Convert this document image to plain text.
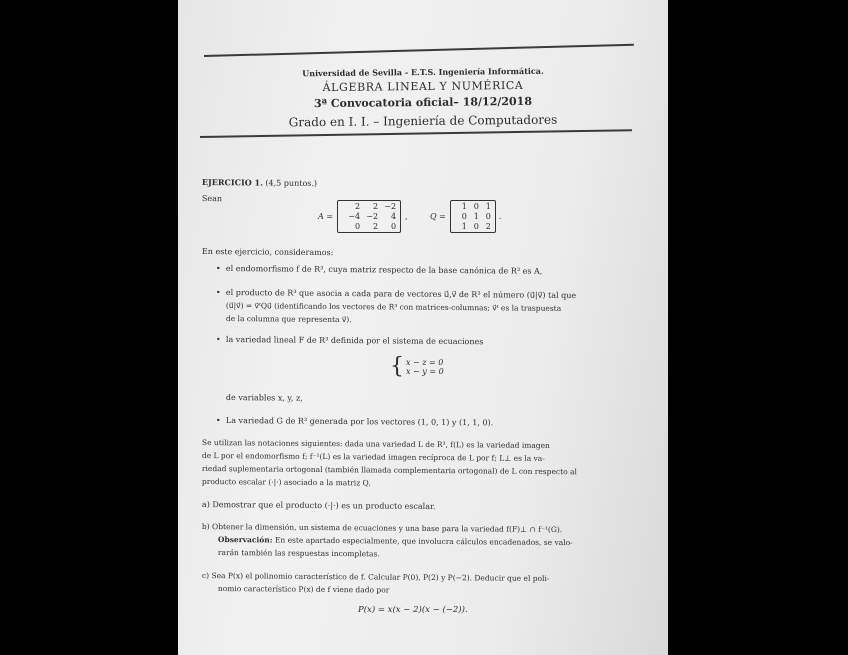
Universidad de Sevilla - E.T.S. Ingeniería Informática.
ÁLGEBRA LINEAL Y NUMÉRICA
3ª Convocatoria oficial– 18/12/2018
Grado en I. I. – Ingeniería de Computadores
EJERCICIO 1. (4,5 puntos.)
Sean
A =
2	2 −2
−4 −2	4
0	2	0
,	Q =
1 0 1
0 1 0
1 0 2
.
En este ejercicio, consideramos:
• el endomorfismo f de R³, cuya matriz respecto de la base canónica de R³ es A,
• el producto de R³ que asocia a cada para de vectores u⃗,v⃗ de R³ el número (u⃗|v⃗) tal que
(u⃗|v⃗) = v⃗ᵗQu⃗ (identificando los vectores de R³ con matrices-columnas; v⃗ᵗ es la traspuesta
de la columna que representa v⃗).
• la variedad lineal F de R³ definida por el sistema de ecuaciones
{ x − z = 0
x − y = 0
de variables x, y, z,
• La variedad G de R³ generada por los vectores (1, 0, 1) y (1, 1, 0).
Se utilizan las notaciones siguientes: dada una variedad L de R³, f(L) es la variedad imagen
de L por el endomorfismo f; f⁻¹(L) es la variedad imagen recíproca de L por f; L⊥ es la va-
riedad suplementaria ortogonal (también llamada complementaria ortogonal) de L con respecto al
producto escalar (·|·) asociado a la matriz Q.
a) Demostrar que el producto (·|·) es un producto escalar.
b) Obtener la dimensión, un sistema de ecuaciones y una base para la variedad f(F)⊥ ∩ f⁻¹(G).
Observación: En este apartado especialmente, que involucra cálculos encadenados, se valo-
rarán también las respuestas incompletas.
c) Sea P(x) el polinomio característico de f. Calcular P(0), P(2) y P(−2). Deducir que el poli-
nomio característico P(x) de f viene dado por
P(x) = x(x − 2)(x − (−2)).
